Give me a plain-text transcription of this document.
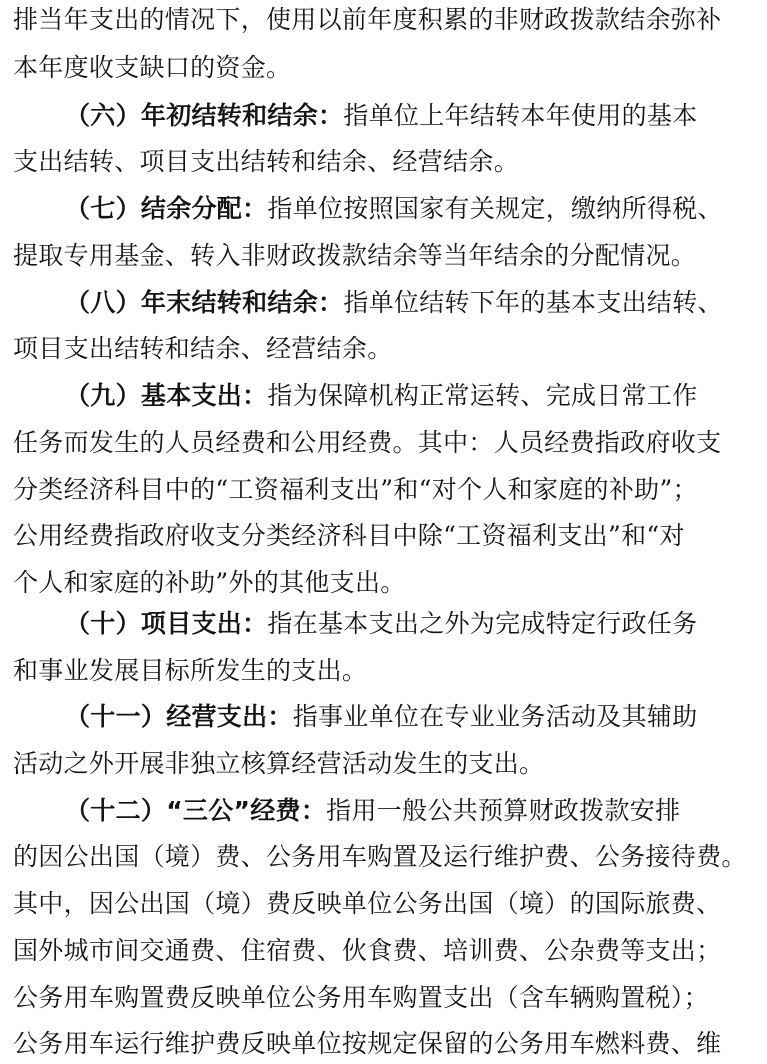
排当年支出的情况下，使用以前年度积累的非财政拨款结余弥补
本年度收支缺口的资金。
（六）年初结转和结余：指单位上年结转本年使用的基本
支出结转、项目支出结转和结余、经营结余。
（七）结余分配：指单位按照国家有关规定，缴纳所得税、
提取专用基金、转入非财政拨款结余等当年结余的分配情况。
（八）年末结转和结余：指单位结转下年的基本支出结转、
项目支出结转和结余、经营结余。
（九）基本支出：指为保障机构正常运转、完成日常工作
任务而发生的人员经费和公用经费。其中：人员经费指政府收支
分类经济科目中的“工资福利支出”和“对个人和家庭的补助”；
公用经费指政府收支分类经济科目中除“工资福利支出”和“对
个人和家庭的补助”外的其他支出。
（十）项目支出：指在基本支出之外为完成特定行政任务
和事业发展目标所发生的支出。
（十一）经营支出：指事业单位在专业业务活动及其辅助
活动之外开展非独立核算经营活动发生的支出。
（十二）“三公”经费：指用一般公共预算财政拨款安排
的因公出国（境）费、公务用车购置及运行维护费、公务接待费。
其中，因公出国（境）费反映单位公务出国（境）的国际旅费、
国外城市间交通费、住宿费、伙食费、培训费、公杂费等支出；
公务用车购置费反映单位公务用车购置支出（含车辆购置税）；
公务用车运行维护费反映单位按规定保留的公务用车燃料费、维
